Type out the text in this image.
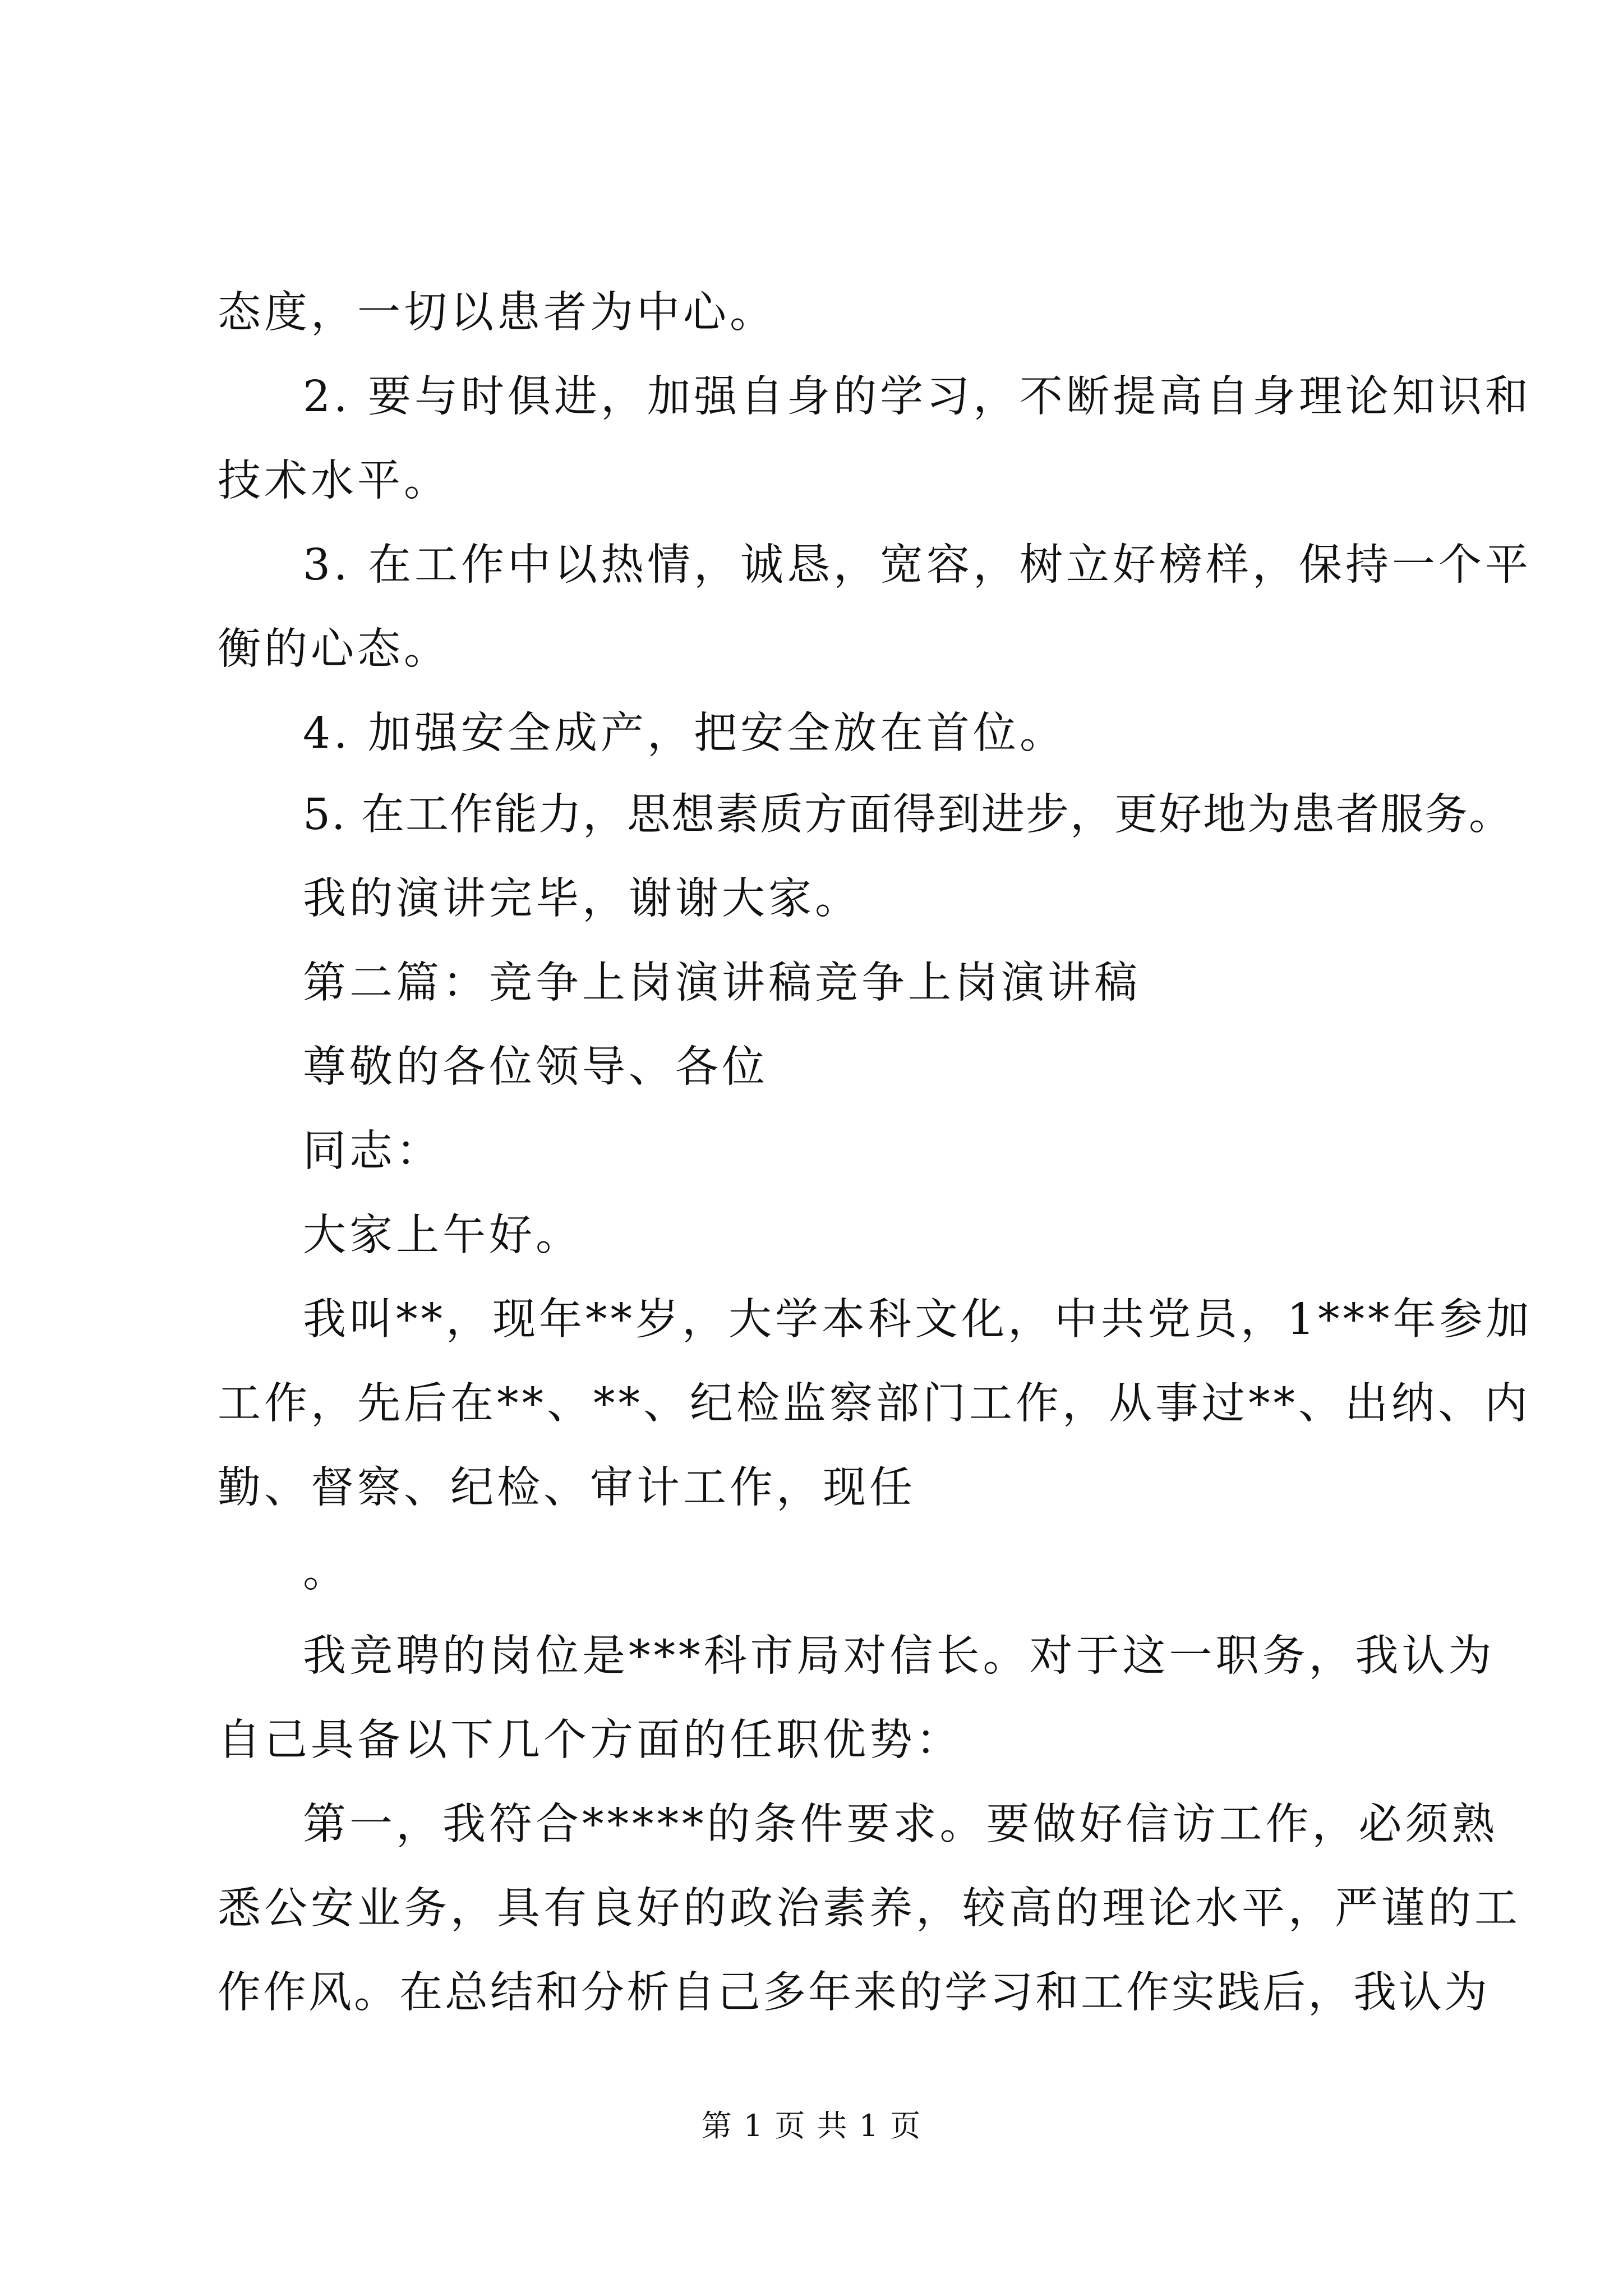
态度，一切以患者为中心。
2. 要与时俱进，加强自身的学习，不断提高自身理论知识和
技术水平。
3. 在工作中以热情，诚恳，宽容，树立好榜样，保持一个平
衡的心态。
4. 加强安全成产，把安全放在首位。
5. 在工作能力，思想素质方面得到进步，更好地为患者服务。
我的演讲完毕，谢谢大家。
第二篇：竞争上岗演讲稿竞争上岗演讲稿
尊敬的各位领导、各位
同志：
大家上午好。
我叫**，现年**岁，大学本科文化，中共党员，1***年参加
工作，先后在**、**、纪检监察部门工作，从事过**、出纳、内
勤、督察、纪检、审计工作，现任
。
我竞聘的岗位是***科市局对信长。对于这一职务，我认为
自己具备以下几个方面的任职优势：
第一，我符合*****的条件要求。要做好信访工作，必须熟
悉公安业务，具有良好的政治素养，较高的理论水平，严谨的工
作作风。在总结和分析自己多年来的学习和工作实践后，我认为
第 1 页 共 1 页
